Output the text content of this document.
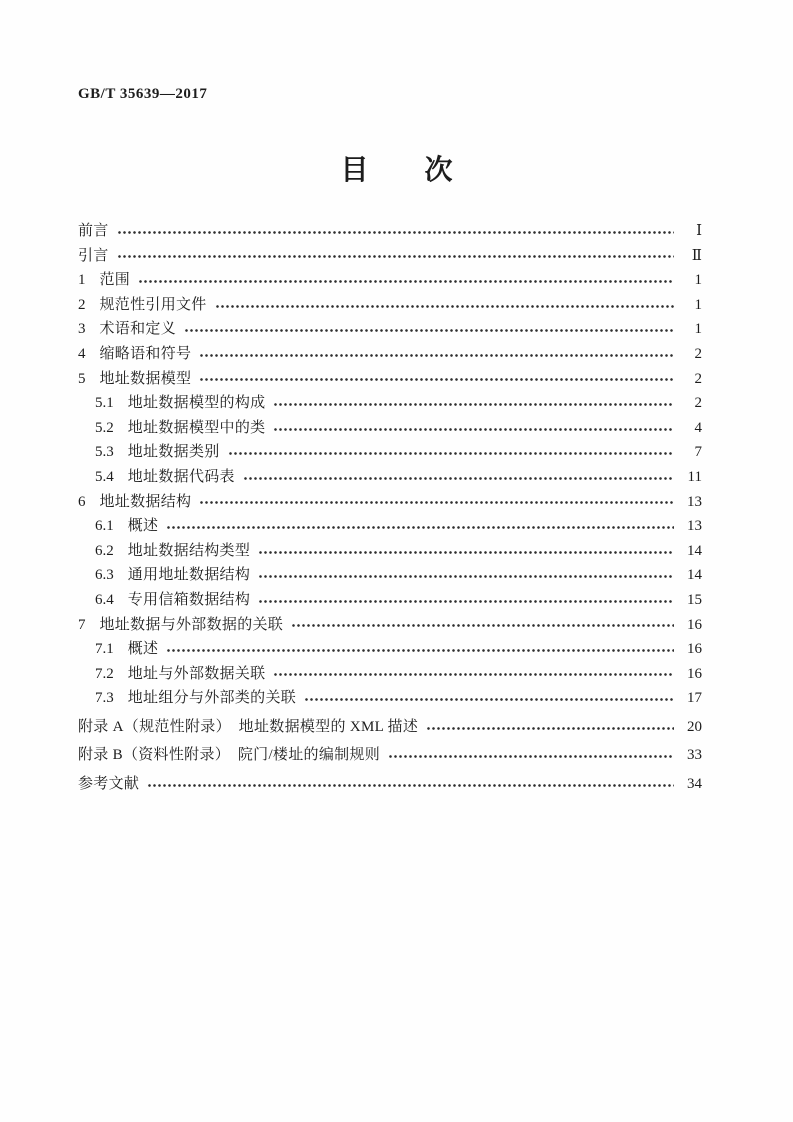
GB/T 35639—2017
目　　次
前言	Ⅰ
引言	Ⅱ
1 范围	1
2 规范性引用文件	1
3 术语和定义	1
4 缩略语和符号	2
5 地址数据模型	2
5.1 地址数据模型的构成	2
5.2 地址数据模型中的类	4
5.3 地址数据类别	7
5.4 地址数据代码表	11
6 地址数据结构	13
6.1 概述	13
6.2 地址数据结构类型	14
6.3 通用地址数据结构	14
6.4 专用信箱数据结构	15
7 地址数据与外部数据的关联	16
7.1 概述	16
7.2 地址与外部数据关联	16
7.3 地址组分与外部类的关联	17
附录 A（规范性附录）　地址数据模型的 XML 描述	20
附录 B（资料性附录）　院门/楼址的编制规则	33
参考文献	34
